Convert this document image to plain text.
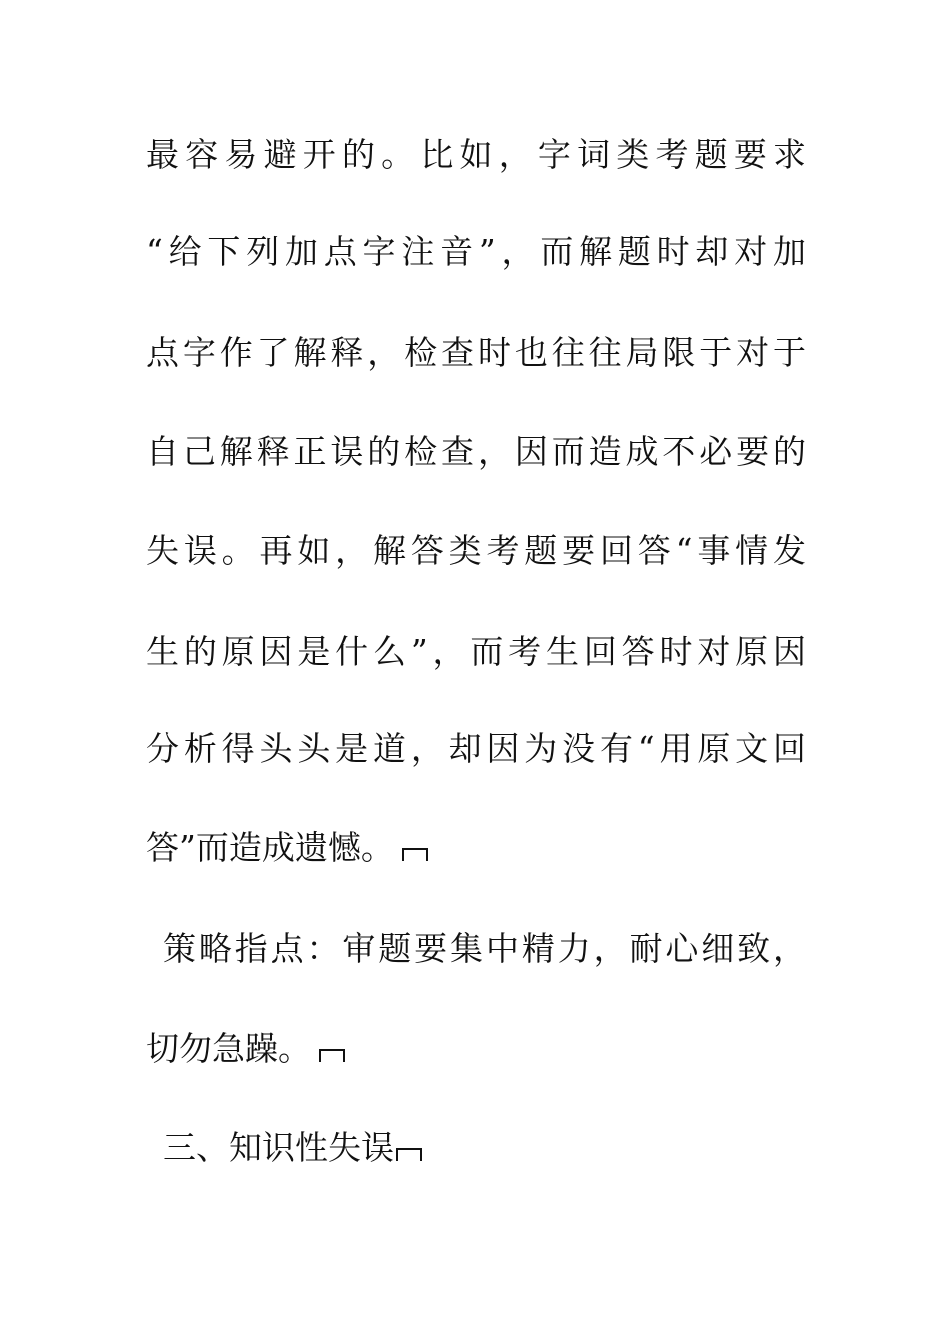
最容易避开的。比如，字词类考题要求
“给下列加点字注音”，而解题时却对加
点字作了解释，检查时也往往局限于对于
自己解释正误的检查，因而造成不必要的
失误。再如，解答类考题要回答“事情发
生的原因是什么”，而考生回答时对原因
分析得头头是道，却因为没有“用原文回
答”而造成遗憾。
策略指点：审题要集中精力，耐心细致，
切勿急躁。
三、知识性失误
